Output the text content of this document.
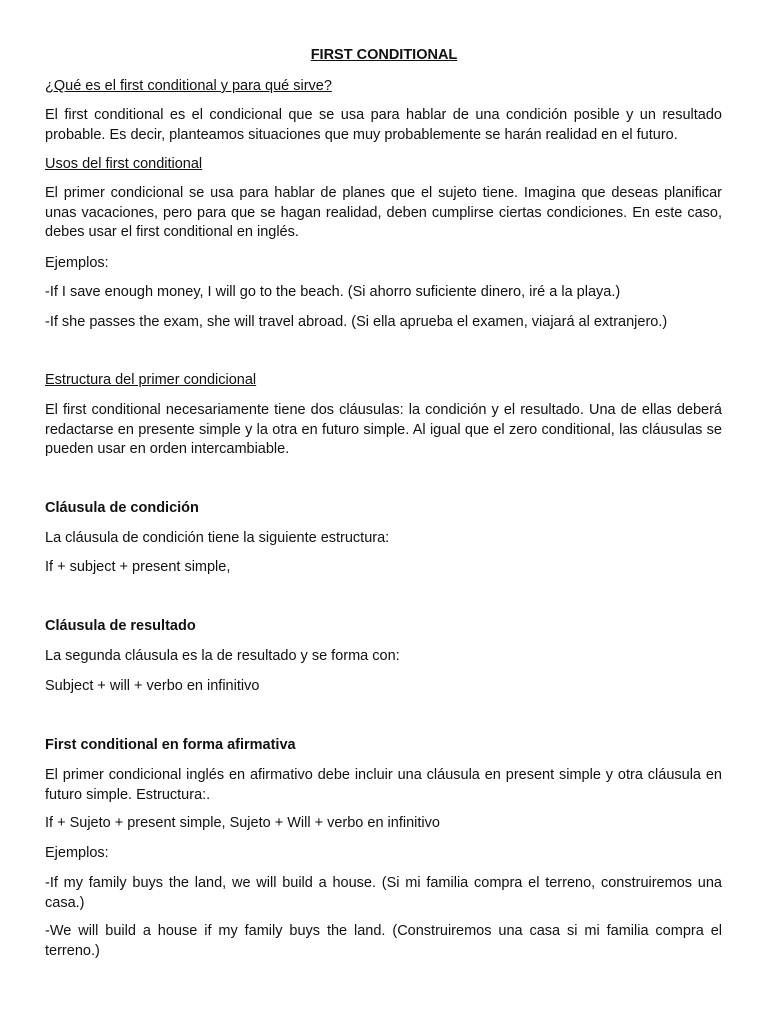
FIRST CONDITIONAL

¿Qué es el first conditional y para qué sirve?

El first conditional es el condicional que se usa para hablar de una condición posible y un resultado probable. Es decir, planteamos situaciones que muy probablemente se harán realidad en el futuro.

Usos del first conditional

El primer condicional se usa para hablar de planes que el sujeto tiene. Imagina que deseas planificar unas vacaciones, pero para que se hagan realidad, deben cumplirse ciertas condiciones. En este caso, debes usar el first conditional en inglés.

Ejemplos:

-If I save enough money, I will go to the beach. (Si ahorro suficiente dinero, iré a la playa.)

-If she passes the exam, she will travel abroad. (Si ella aprueba el examen, viajará al extranjero.)

Estructura del primer condicional

El first conditional necesariamente tiene dos cláusulas: la condición y el resultado. Una de ellas deberá redactarse en presente simple y la otra en futuro simple. Al igual que el zero conditional, las cláusulas se pueden usar en orden intercambiable.

Cláusula de condición

La cláusula de condición tiene la siguiente estructura:

If + subject + present simple,

Cláusula de resultado

La segunda cláusula es la de resultado y se forma con:

Subject + will + verbo en infinitivo

First conditional en forma afirmativa

El primer condicional inglés en afirmativo debe incluir una cláusula en present simple y otra cláusula en futuro simple. Estructura:.

If + Sujeto + present simple, Sujeto + Will + verbo en infinitivo

Ejemplos:

-If my family buys the land, we will build a house. (Si mi familia compra el terreno, construiremos una casa.)

-We will build a house if my family buys the land. (Construiremos una casa si mi familia compra el terreno.)
